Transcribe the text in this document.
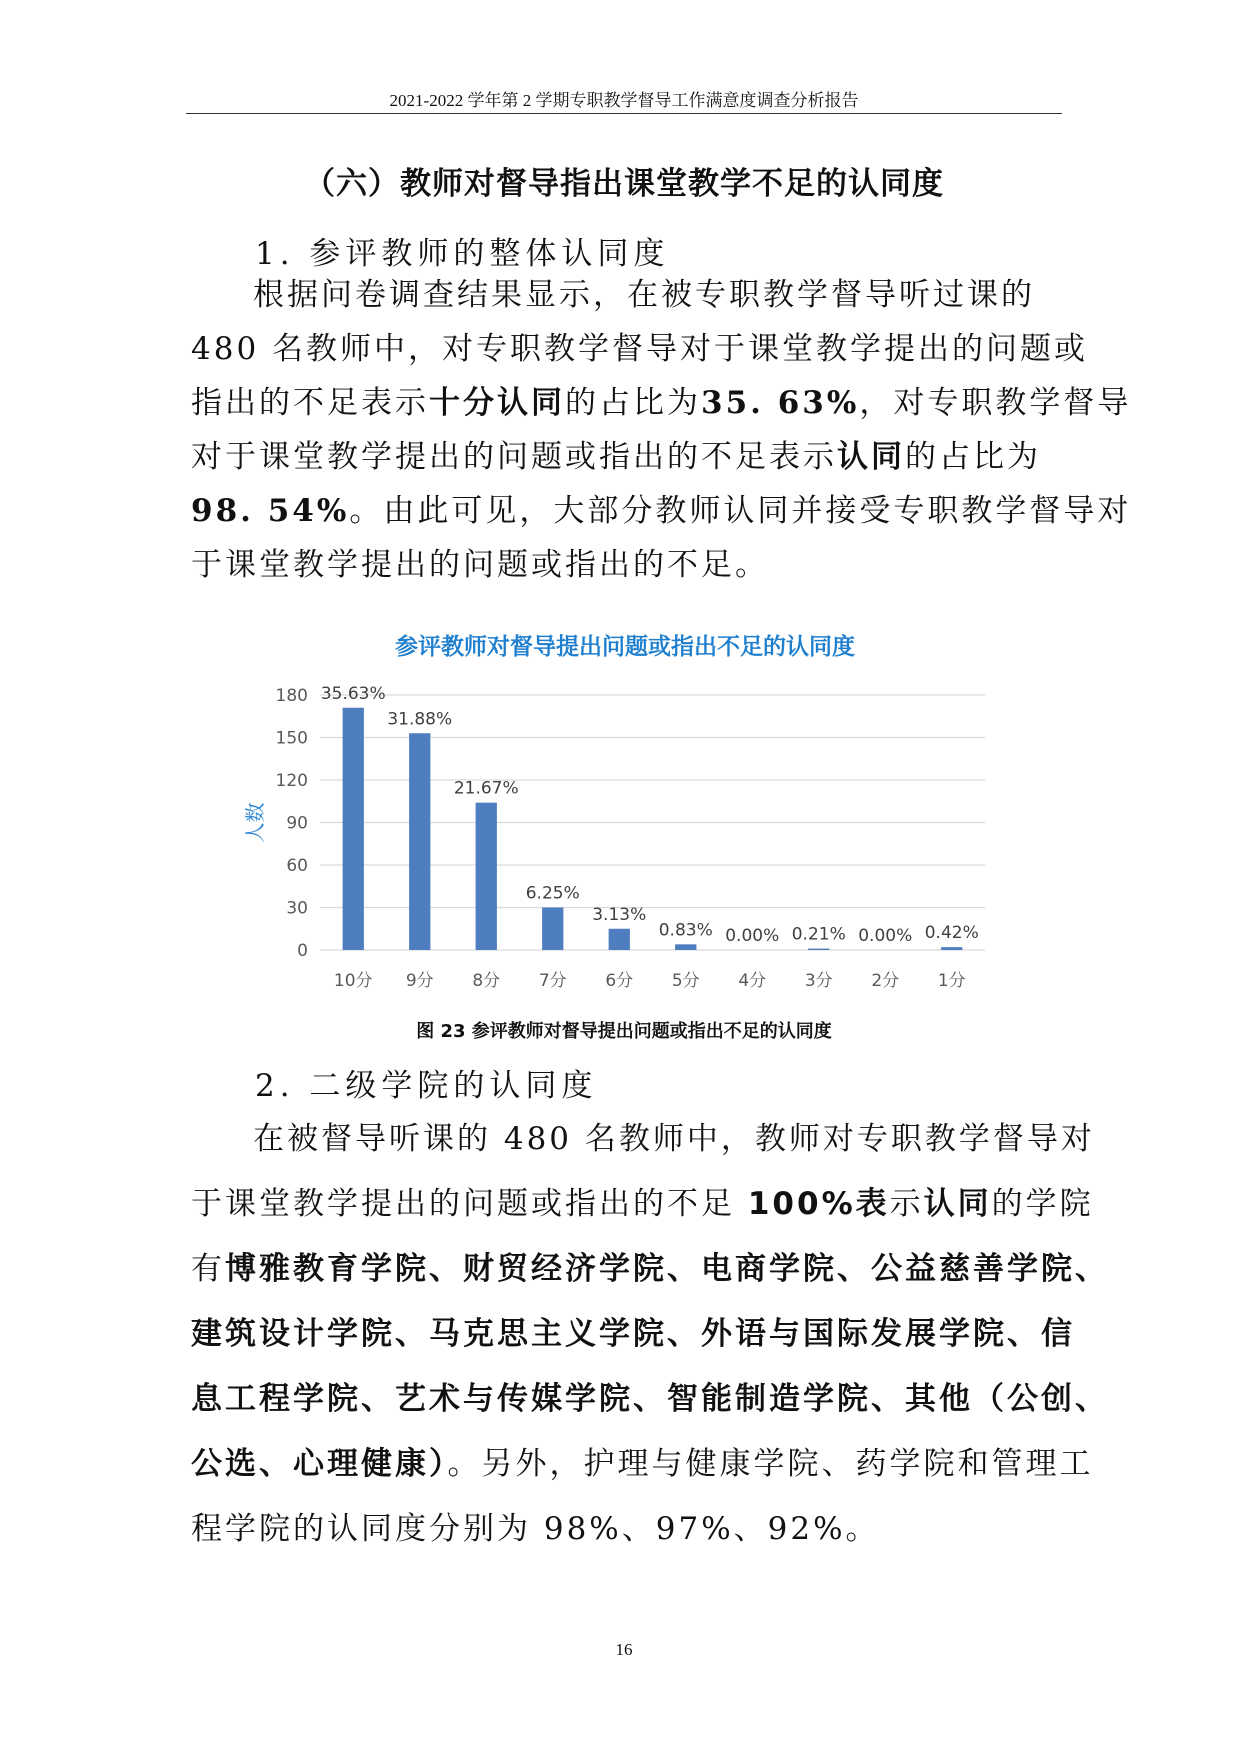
2021-2022 学年第 2 学期专职教学督导工作满意度调查分析报告
（六）教师对督导指出课堂教学不足的认同度
1. 参评教师的整体认同度
根据问卷调查结果显示，在被专职教学督导听过课的
480 名教师中，对专职教学督导对于课堂教学提出的问题或
指出的不足表示十分认同的占比为35. 63%，对专职教学督导
对于课堂教学提出的问题或指出的不足表示认同的占比为
98. 54%。由此可见，大部分教师认同并接受专职教学督导对
于课堂教学提出的问题或指出的不足。
参评教师对督导提出问题或指出不足的认同度
0
30
60
90
120
150
180
人数
35.63%
10分
31.88%
9分
21.67%
8分
6.25%
7分
3.13%
6分
0.83%
5分
0.00%
4分
0.21%
3分
0.00%
2分
0.42%
1分
图 23 参评教师对督导提出问题或指出不足的认同度
2. 二级学院的认同度
在被督导听课的 480 名教师中，教师对专职教学督导对
于课堂教学提出的问题或指出的不足 100%表示认同的学院
有博雅教育学院、财贸经济学院、电商学院、公益慈善学院、
建筑设计学院、马克思主义学院、外语与国际发展学院、信
息工程学院、艺术与传媒学院、智能制造学院、其他（公创、
公选、心理健康）。另外，护理与健康学院、药学院和管理工
程学院的认同度分别为 98%、97%、92%。
16
